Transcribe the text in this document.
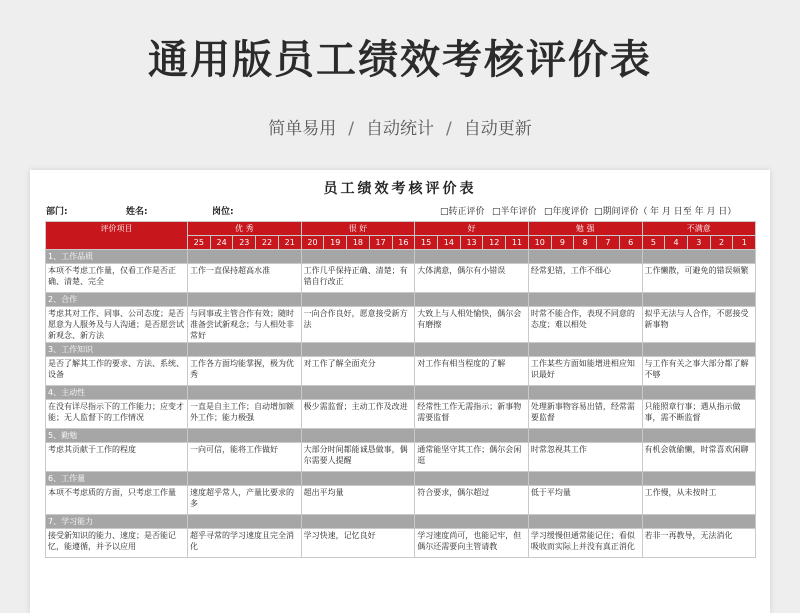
通用版员工绩效考核评价表
简单易用 / 自动统计 / 自动更新
员工绩效考核评价表
部门:	姓名:	岗位:	□转正评价 □半年评价 □年度评价 □期间评价（ 年 月 日至 年 月 日）
评价项目	优 秀					很 好					好					勉 强					不满意				
	25	24	23	22	21	20	19	18	17	16	15	14	13	12	11	10	9	8	7	6	5	4	3	2	1
1、工作品质																									
本项不考虑工作量，仅看工作是否正确、清楚、完全	工作一直保持超高水准					工作几乎保持正确、清楚；有错自行改正					大体满意，偶尔有小错误					经常犯错，工作不细心					工作懒散，可避免的错误频繁				
2、合作																									
考虑其对工作、同事、公司态度；是否愿意为人服务及与人沟通；是否愿尝试新观念、新方法	与同事或主管合作有效；随时准备尝试新观念；与人相处非常好					一向合作良好，愿意接受新方法					大致上与人相处愉快，偶尔会有磨擦					时常不能合作，表现不同意的态度；难以相处					拟乎无法与人合作，不愿接受新事物				
3、工作知识																									
是否了解其工作的要求、方法、系统、设备	工作各方面均能掌握，极为优秀					对工作了解全面充分					对工作有相当程度的了解					工作某些方面如能增进相应知识最好					与工作有关之事大部分都了解不够				
4、主动性																									
在没有详尽指示下的工作能力；应变才能；无人监督下的工作情况	一直是自主工作；自动增加额外工作；能力极强					极少需监督；主动工作及改进					经常性工作无需指示；新事物需要监督					处理新事物容易出错，经常需要监督					只能照章行事；遇从指示做事，需不断监督				
5、勤勉																									
考虑其贡献于工作的程度	一向可信，能将工作做好					大部分时间都能诚恳做事，偶尔需要人提醒					通常能坚守其工作；偶尔会闲逛					时常忽视其工作					有机会就偷懒，时常喜欢闲聊				
6、工作量																									
本项不考虑质的方面，只考虑工作量	速度超乎常人，产量比要求的多					超出平均量					符合要求，偶尔超过					低于平均量					工作慢，从未按时工				
7、学习能力																									
接受新知识的能力、速度；是否能记忆，能遵循，并予以应用	超乎寻常的学习速度且完全消化					学习快速，记忆良好					学习速度尚可，也能记牢，但偶尔还需要向主管请教					学习缓慢但通常能记住；看似吸收而实际上并没有真正消化					若非一再教导，无法消化				
